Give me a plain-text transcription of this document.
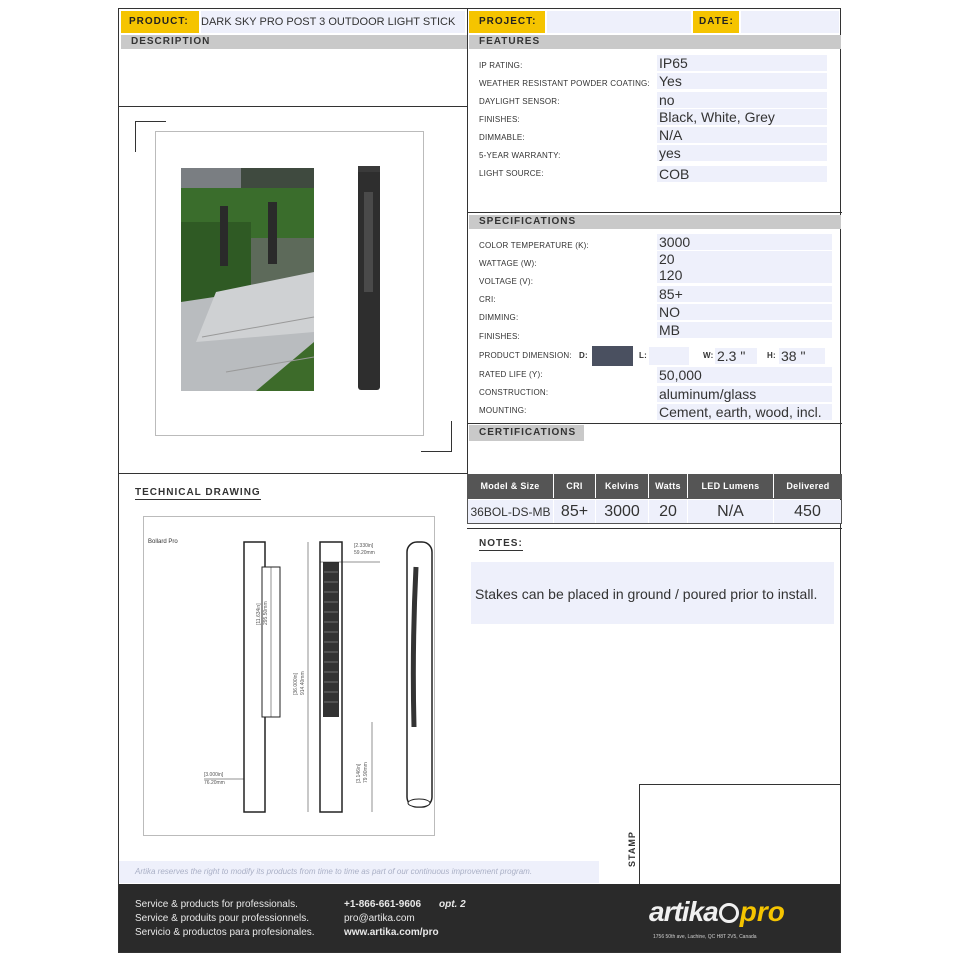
PRODUCT:	DARK SKY PRO POST 3 OUTDOOR LIGHT STICK	PROJECT:	DATE:
DESCRIPTION	FEATURES
IP RATING:	IP65
WEATHER RESISTANT POWDER COATING: Yes
DAYLIGHT SENSOR:	no
FINISHES:	Black, White, Grey
DIMMABLE:	N/A
5-YEAR WARRANTY:	yes
LIGHT SOURCE:	COB
SPECIFICATIONS
COLOR TEMPERATURE (K):	3000
WATTAGE (W):	20
VOLTAGE (V):	120
CRI:	85+
DIMMING:	NO
FINISHES:	MB
PRODUCT DIMENSION: D:	L:	W: 2.3 "	H: 38 "
RATED LIFE (Y):	50,000
CONSTRUCTION:	aluminum/glass
MOUNTING:	Cement, earth, wood, incl.
CERTIFICATIONS
Model & Size	CRI	Kelvins	Watts	LED Lumens	Delivered
36BOL-DS-MB 85+	3000	20	N/A	450
NOTES:
Stakes can be placed in ground / poured prior to install.
TECHNICAL DRAWING
Bollard Pro
[2.330in]
59.20mm
[11.634in] 295.50mm
[36.000in] 914.40mm
[3.146in] 79.90mm
[3.000in]
76.20mm
STAMP
Artika reserves the right to modify its products from time to time as part of our continuous improvement program.
Service & products for professionals.
Service & produits pour professionnels.
Servicio & productos para profesionales.
+1-866-661-9606 opt. 2
pro@artika.com
www.artika.com/pro
artika pro
1756 50th ave, Lachine, QC H8T 2V5, Canada
